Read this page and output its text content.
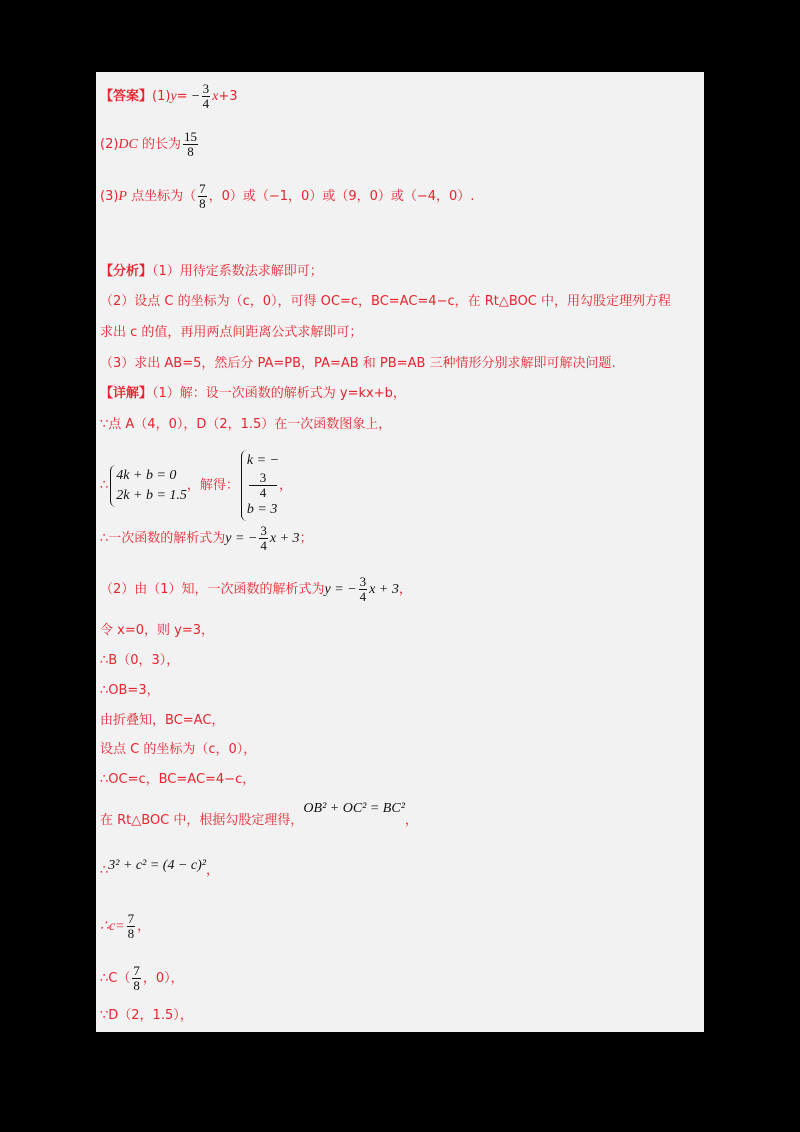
【答案】$(1)y= - \frac{3}{4} x+3$
(2)DC 的长为 $\frac{15}{8}$
(3)P 点坐标为（ $\frac{7}{8}$ ，0）或（−1，0）或（9，0）或（−4，0）.
【分析】（1）用待定系数法求解即可；
（2）设点 C 的坐标为（c，0），可得 OC=c，BC=AC=4−c，在 Rt△BOC 中，用勾股定理列方程
求出 c 的值，再用两点间距离公式求解即可；
（3）求出 AB=5，然后分 PA=PB，PA=AB 和 PB=AB 三种情形分别求解即可解决问题.
【详解】（1）解：设一次函数的解析式为 y=kx+b，
∵点 A（4，0），D（2，1.5）在一次函数图象上，
∴
4k + b = 0
2k + b = 1.5
，解得：
k = −
3
4
b = 3
，
∴一次函数的解析式为y = − $\frac{3}{4}$ x + 3；
（2）由（1）知，一次函数的解析式为y = − $\frac{3}{4}$ x + 3，
令 x=0，则 y=3，
∴B（0，3），
∴OB=3，
由折叠知，BC=AC，
设点 C 的坐标为（c，0），
∴OC=c，BC=AC=4−c，
在 Rt△BOC 中，根据勾股定理得，OB² + OC² = BC²，
∴3² + c² = (4 − c)²，
∴c= $\frac{7}{8}$ ，
∴C（ $\frac{7}{8}$ ，0），
∵D（2，1.5），
